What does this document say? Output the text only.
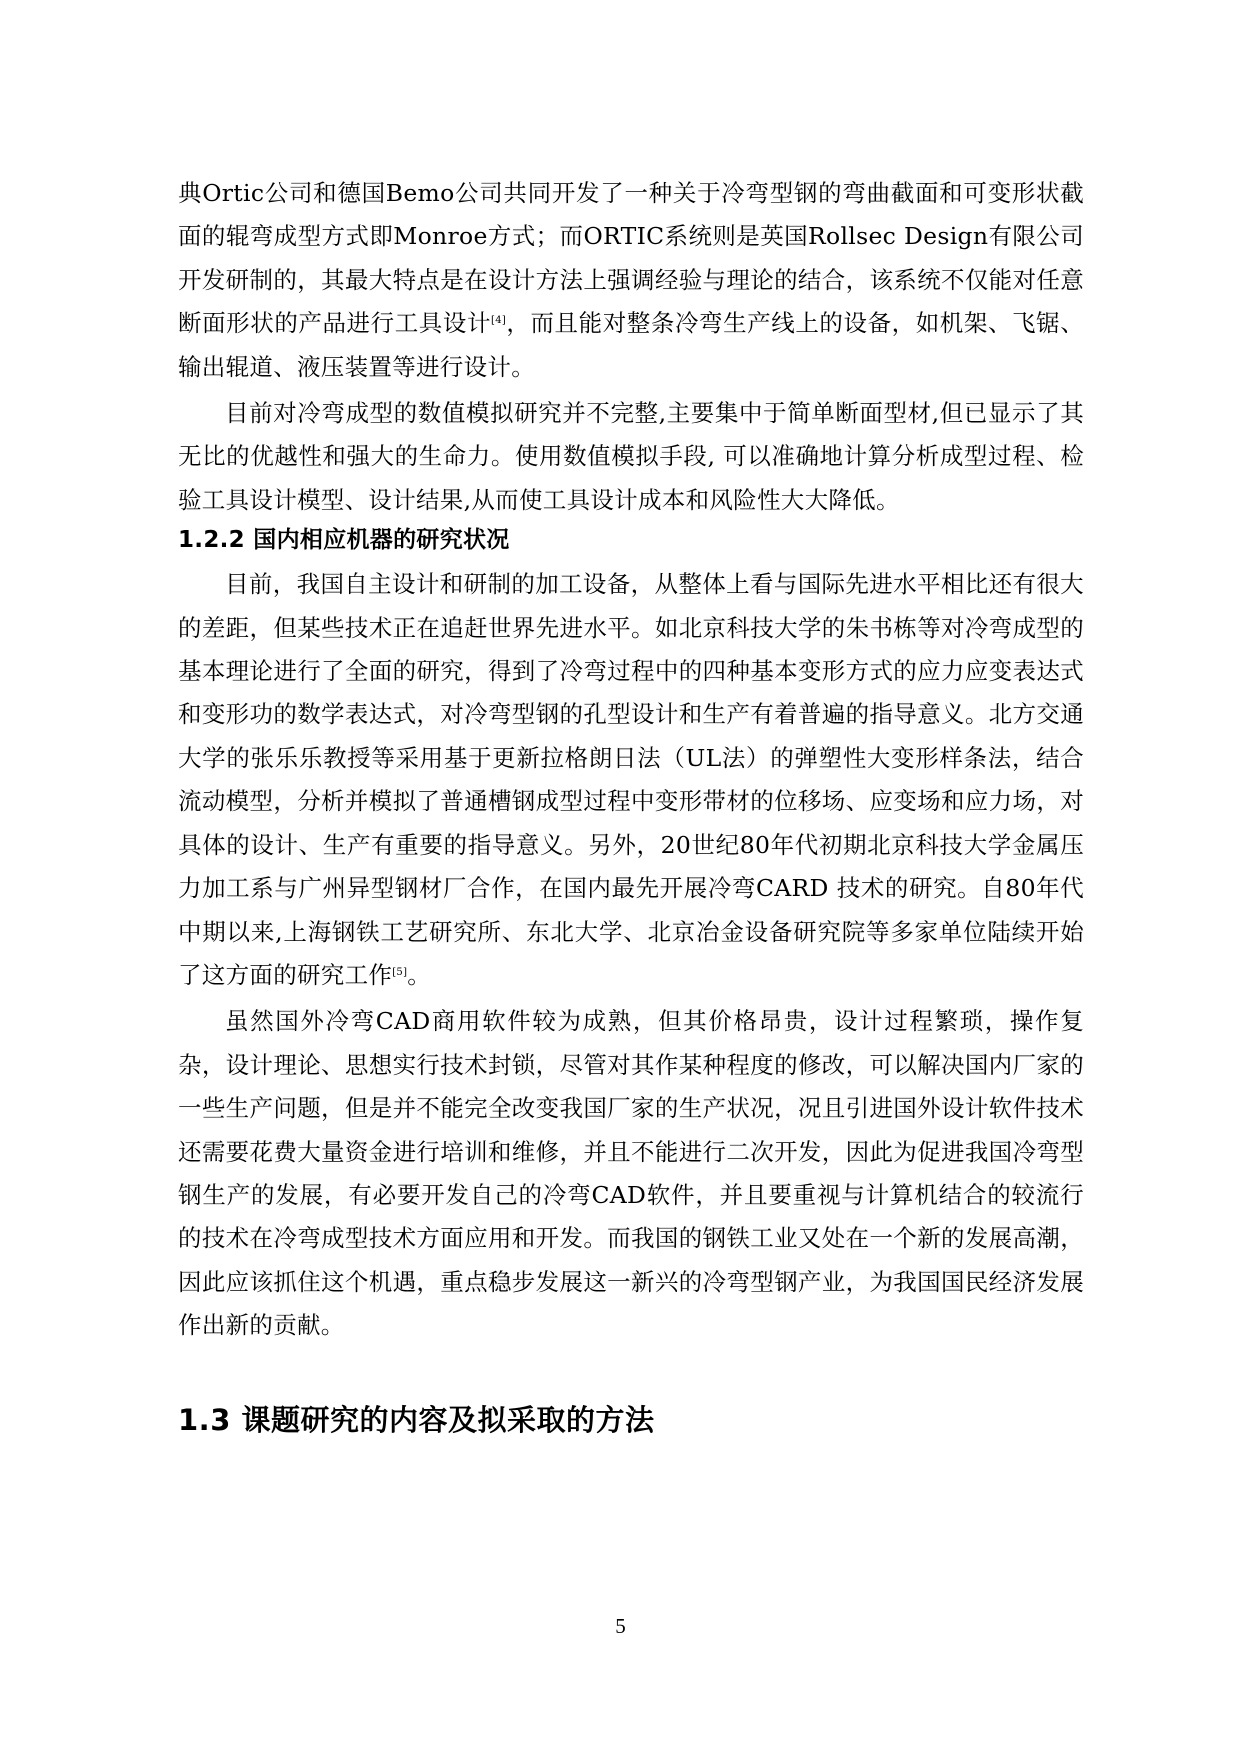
典Ortic公司和德国Bemo公司共同开发了一种关于冷弯型钢的弯曲截面和可变形状截面的辊弯成型方式即Monroe方式；而ORTIC系统则是英国Rollsec Design有限公司开发研制的，其最大特点是在设计方法上强调经验与理论的结合，该系统不仅能对任意断面形状的产品进行工具设计[4]，而且能对整条冷弯生产线上的设备，如机架、飞锯、输出辊道、液压装置等进行设计。

目前对冷弯成型的数值模拟研究并不完整,主要集中于简单断面型材,但已显示了其无比的优越性和强大的生命力。使用数值模拟手段, 可以准确地计算分析成型过程、检验工具设计模型、设计结果,从而使工具设计成本和风险性大大降低。

1.2.2 国内相应机器的研究状况

目前，我国自主设计和研制的加工设备，从整体上看与国际先进水平相比还有很大的差距，但某些技术正在追赶世界先进水平。如北京科技大学的朱书栋等对冷弯成型的基本理论进行了全面的研究，得到了冷弯过程中的四种基本变形方式的应力应变表达式和变形功的数学表达式，对冷弯型钢的孔型设计和生产有着普遍的指导意义。北方交通大学的张乐乐教授等采用基于更新拉格朗日法（UL法）的弹塑性大变形样条法，结合流动模型，分析并模拟了普通槽钢成型过程中变形带材的位移场、应变场和应力场，对具体的设计、生产有重要的指导意义。另外，20世纪80年代初期北京科技大学金属压力加工系与广州异型钢材厂合作，在国内最先开展冷弯CARD 技术的研究。自80年代中期以来,上海钢铁工艺研究所、东北大学、北京冶金设备研究院等多家单位陆续开始了这方面的研究工作[5]。

虽然国外冷弯CAD商用软件较为成熟，但其价格昂贵，设计过程繁琐，操作复杂，设计理论、思想实行技术封锁，尽管对其作某种程度的修改，可以解决国内厂家的一些生产问题，但是并不能完全改变我国厂家的生产状况，况且引进国外设计软件技术还需要花费大量资金进行培训和维修，并且不能进行二次开发，因此为促进我国冷弯型钢生产的发展，有必要开发自己的冷弯CAD软件，并且要重视与计算机结合的较流行的技术在冷弯成型技术方面应用和开发。而我国的钢铁工业又处在一个新的发展高潮，因此应该抓住这个机遇，重点稳步发展这一新兴的冷弯型钢产业，为我国国民经济发展作出新的贡献。

1.3 课题研究的内容及拟采取的方法
5
